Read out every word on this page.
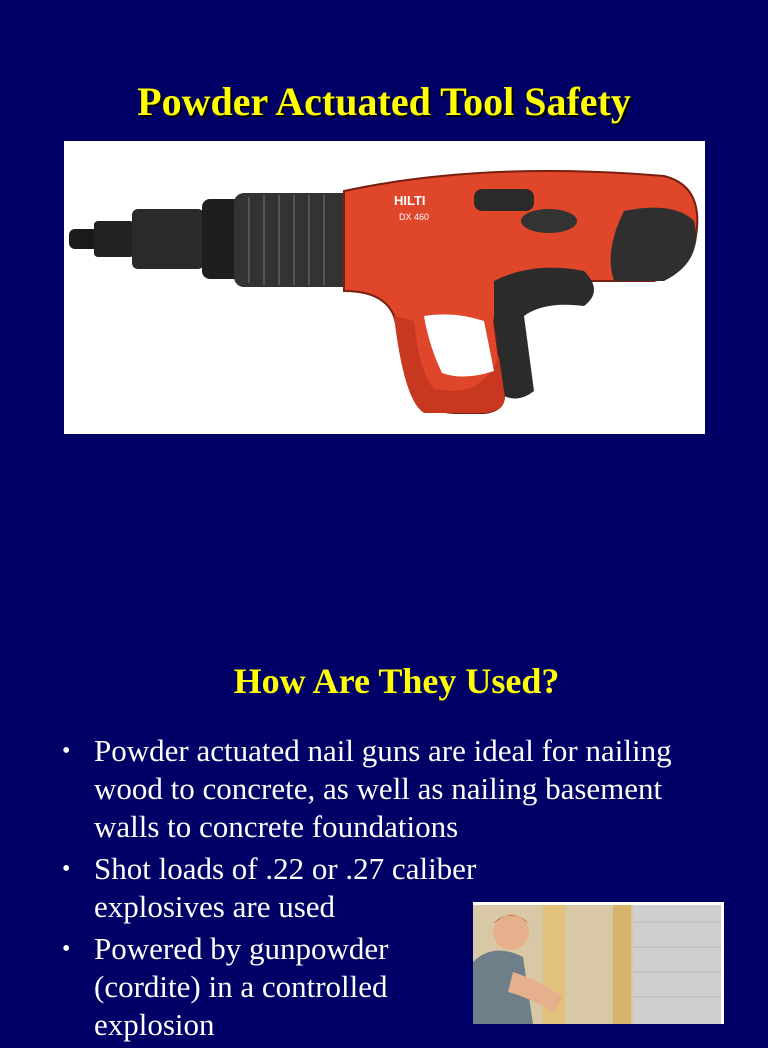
Powder Actuated Tool Safety
HILTI
DX 460
How Are They Used?
• Powder actuated nail guns are ideal for nailing wood to concrete, as well as nailing basement walls to concrete foundations
• Shot loads of .22 or .27 caliber explosives are used
• Powered by gunpowder (cordite) in a controlled explosion
